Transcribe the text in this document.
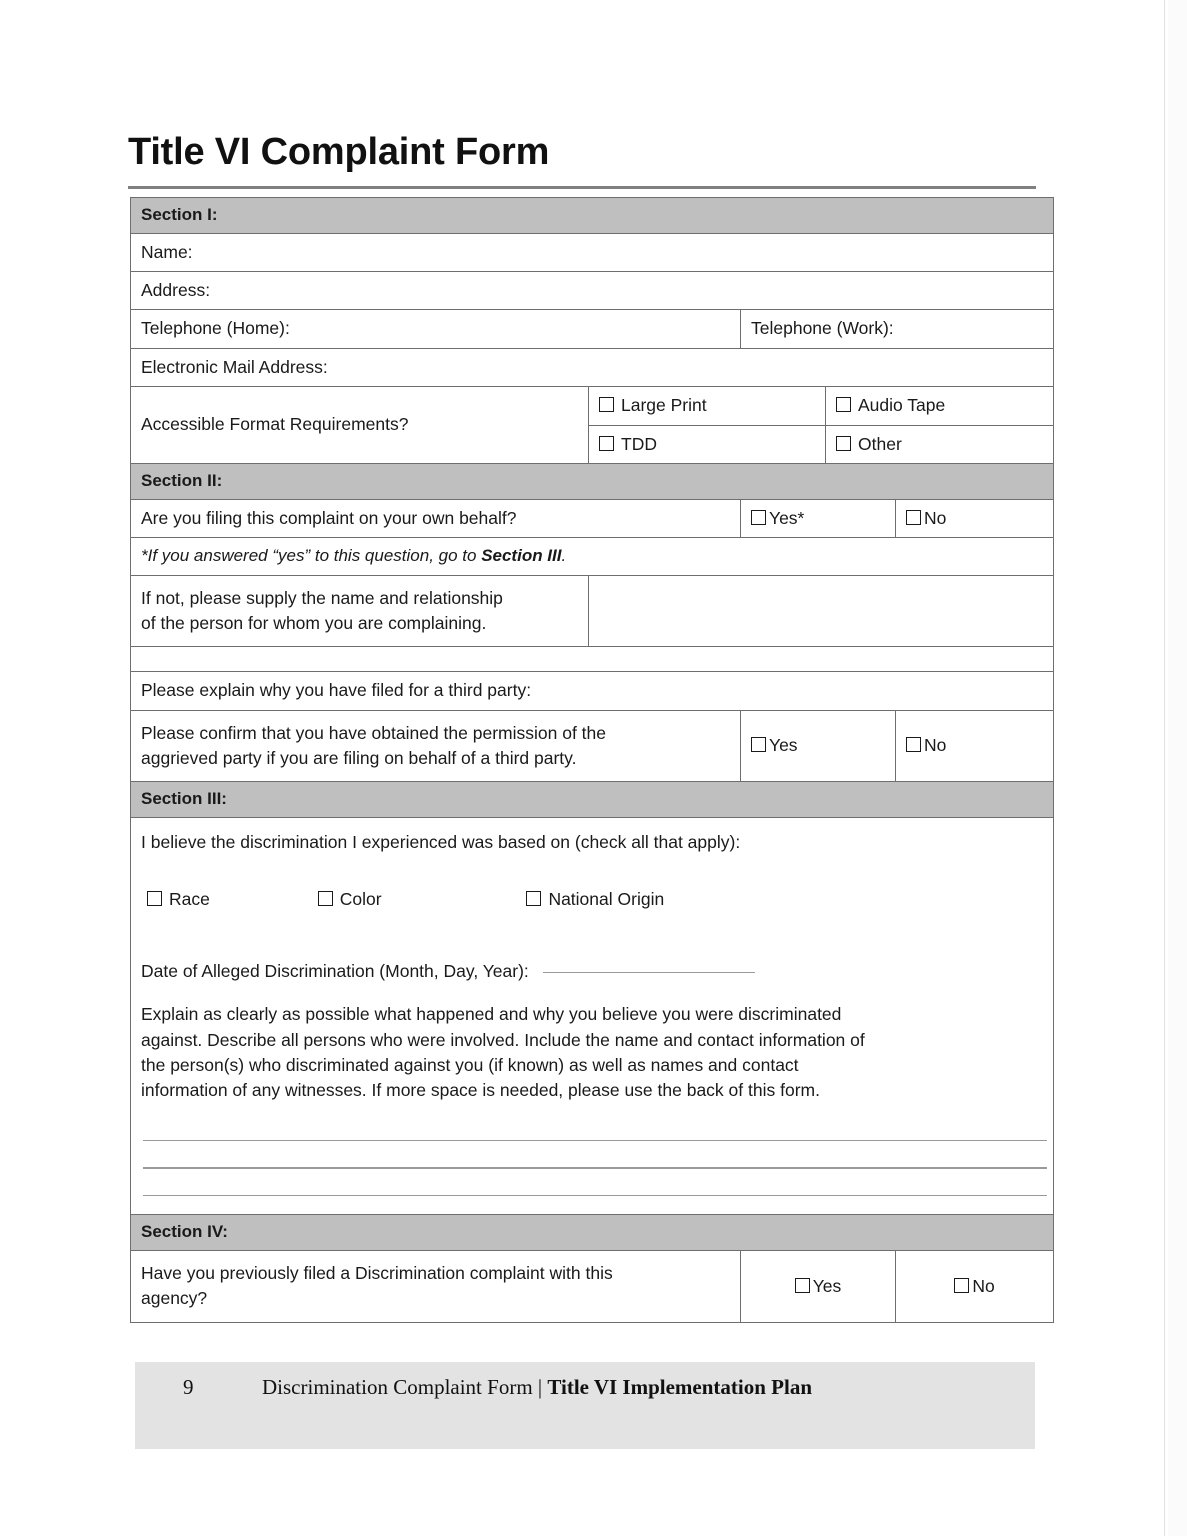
Title VI Complaint Form
Section I:				
Name:				
Address:				
Telephone (Home):		Telephone (Work):		
Electronic Mail Address:				
Accessible Format Requirements?	Large Print		Audio Tape	
	TDD		Other	
Section II:				
Are you filing this complaint on your own behalf?		Yes*		No
*If you answered “yes” to this question, go to Section III.				

If not, please supply the name and relationship
of the person for whom you are complaining.				

Please explain why you have filed for a third party:				

Please confirm that you have obtained the permission of the
aggrieved party if you are filing on behalf of a third party.		Yes		No
Section III:				
I believe the discrimination I experienced was based on (check all that apply):				
Race Color National Origin				
Date of Alleged Discrimination (Month, Day, Year):				

Explain as clearly as possible what happened and why you believe you were discriminated
against. Describe all persons who were involved. Include the name and contact information of
the person(s) who discriminated against you (if known) as well as names and contact
information of any witnesses. If more space is needed, please use the back of this form.				

Section IV:				

Have you previously filed a Discrimination complaint with this
agency?		Yes		No
9	Discrimination Complaint Form | Title VI Implementation Plan
